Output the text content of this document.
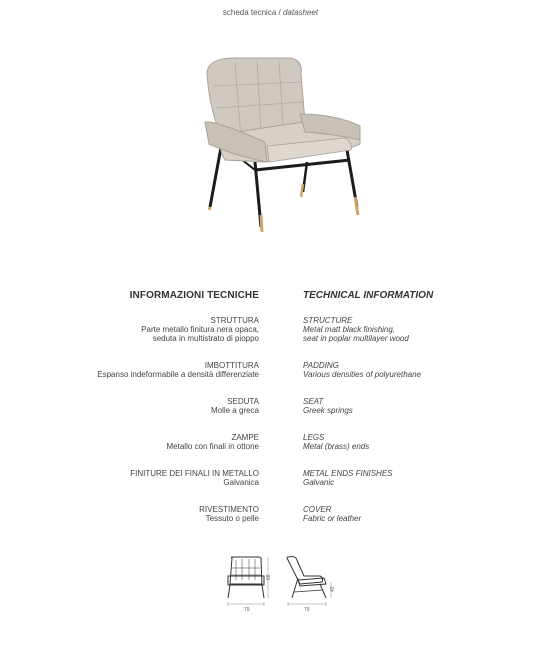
scheda tecnica / datasheet
INFORMAZIONI TECNICHE	TECHNICAL INFORMATION
STRUTTURA
Parte metallo finitura nera opaca,
seduta in multistrato di pioppo
STRUCTURE
Metal matt black finishing,
seat in poplar multilayer wood
IMBOTTITURA
Espanso indeformabile a densità differenziate
PADDING
Various densities of polyurethane
SEDUTA
Molle a greca
SEAT
Greek springs
ZAMPE
Metallo con finali in ottone
LEGS
Metal (brass) ends
FINITURE DEI FINALI IN METALLO
Galvanica
METAL ENDS FINISHES
Galvanic
RIVESTIMENTO
Tessuto o pelle
COVER
Fabric or leather
79
88
79
42
